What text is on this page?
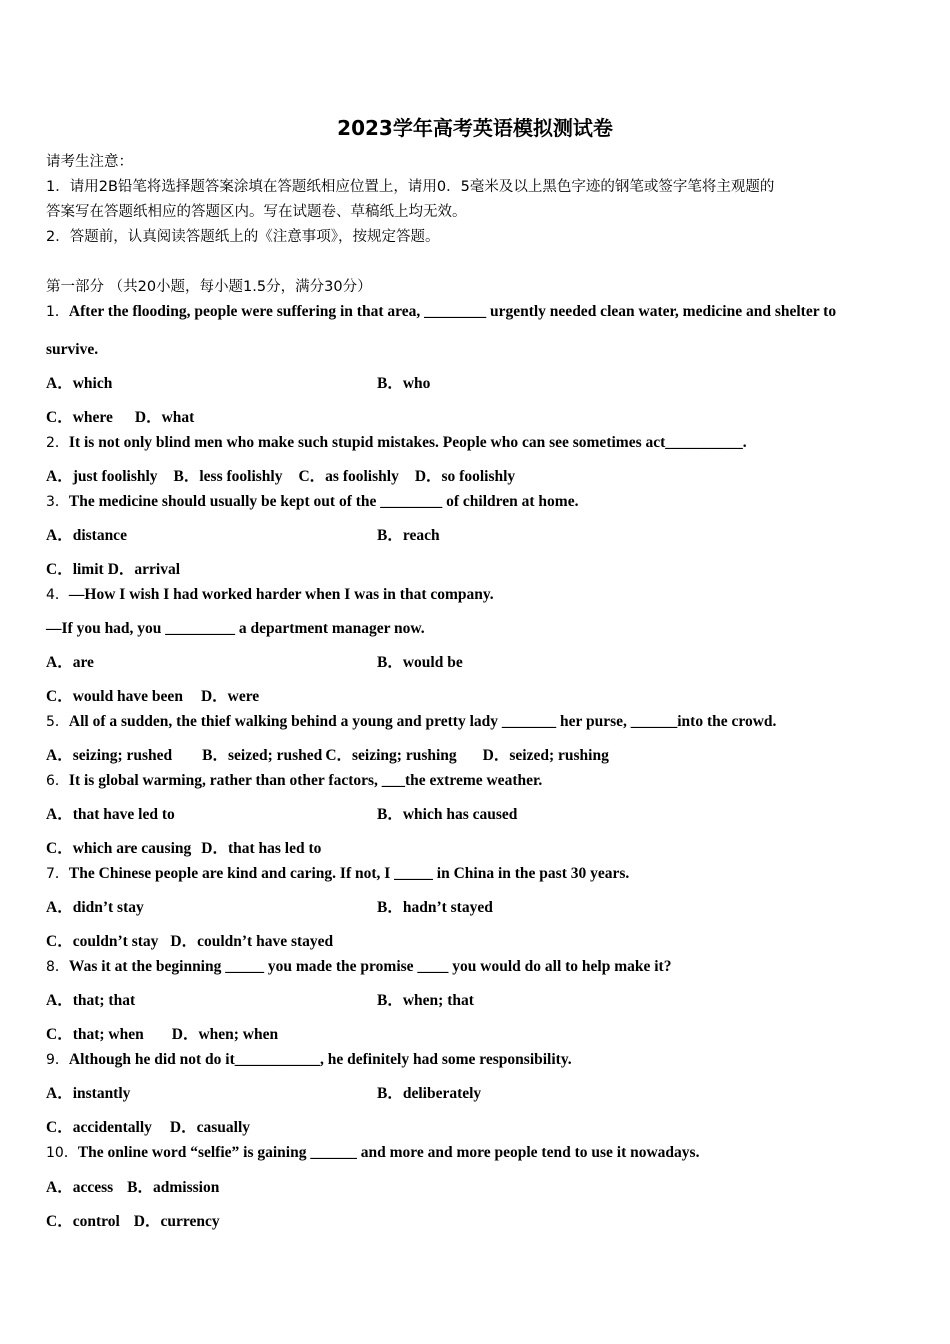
2023学年高考英语模拟测试卷
请考生注意：
1．请用2B铅笔将选择题答案涂填在答题纸相应位置上，请用0．5毫米及以上黑色字迹的钢笔或签字笔将主观题的
答案写在答题纸相应的答题区内。写在试题卷、草稿纸上均无效。
2．答题前，认真阅读答题纸上的《注意事项》，按规定答题。
第一部分 （共20小题，每小题1.5分，满分30分）
1．After the flooding, people were suffering in that area, ________ urgently needed clean water, medicine and shelter to
survive.
A．which	B．who
C．where D．what
2．It is not only blind men who make such stupid mistakes. People who can see sometimes act__________.
A．just foolishly B．less foolishly C．as foolishly D．so foolishly
3．The medicine should usually be kept out of the ________ of children at home.
A．distance	B．reach
C．limit D．arrival
4．—How I wish I had worked harder when I was in that company.
—If you had, you _________ a department manager now.
A．are	B．would be
C．would have been D．were
5．All of a sudden, the thief walking behind a young and pretty lady _______ her purse, ______into the crowd.
A．seizing; rushed B．seized; rushed C．seizing; rushing D．seized; rushing
6．It is global warming, rather than other factors, ___the extreme weather.
A．that have led to	B．which has caused
C．which are causing D．that has led to
7．The Chinese people are kind and caring. If not, I _____ in China in the past 30 years.
A．didn’t stay	B．hadn’t stayed
C．couldn’t stay D．couldn’t have stayed
8．Was it at the beginning _____ you made the promise ____ you would do all to help make it?
A．that; that	B．when; that
C．that; when D．when; when
9．Although he did not do it___________, he definitely had some responsibility.
A．instantly	B．deliberately
C．accidentally D．casually
10．The online word “selfie” is gaining ______ and more and more people tend to use it nowadays.
A．access B．admission
C．control D．currency
